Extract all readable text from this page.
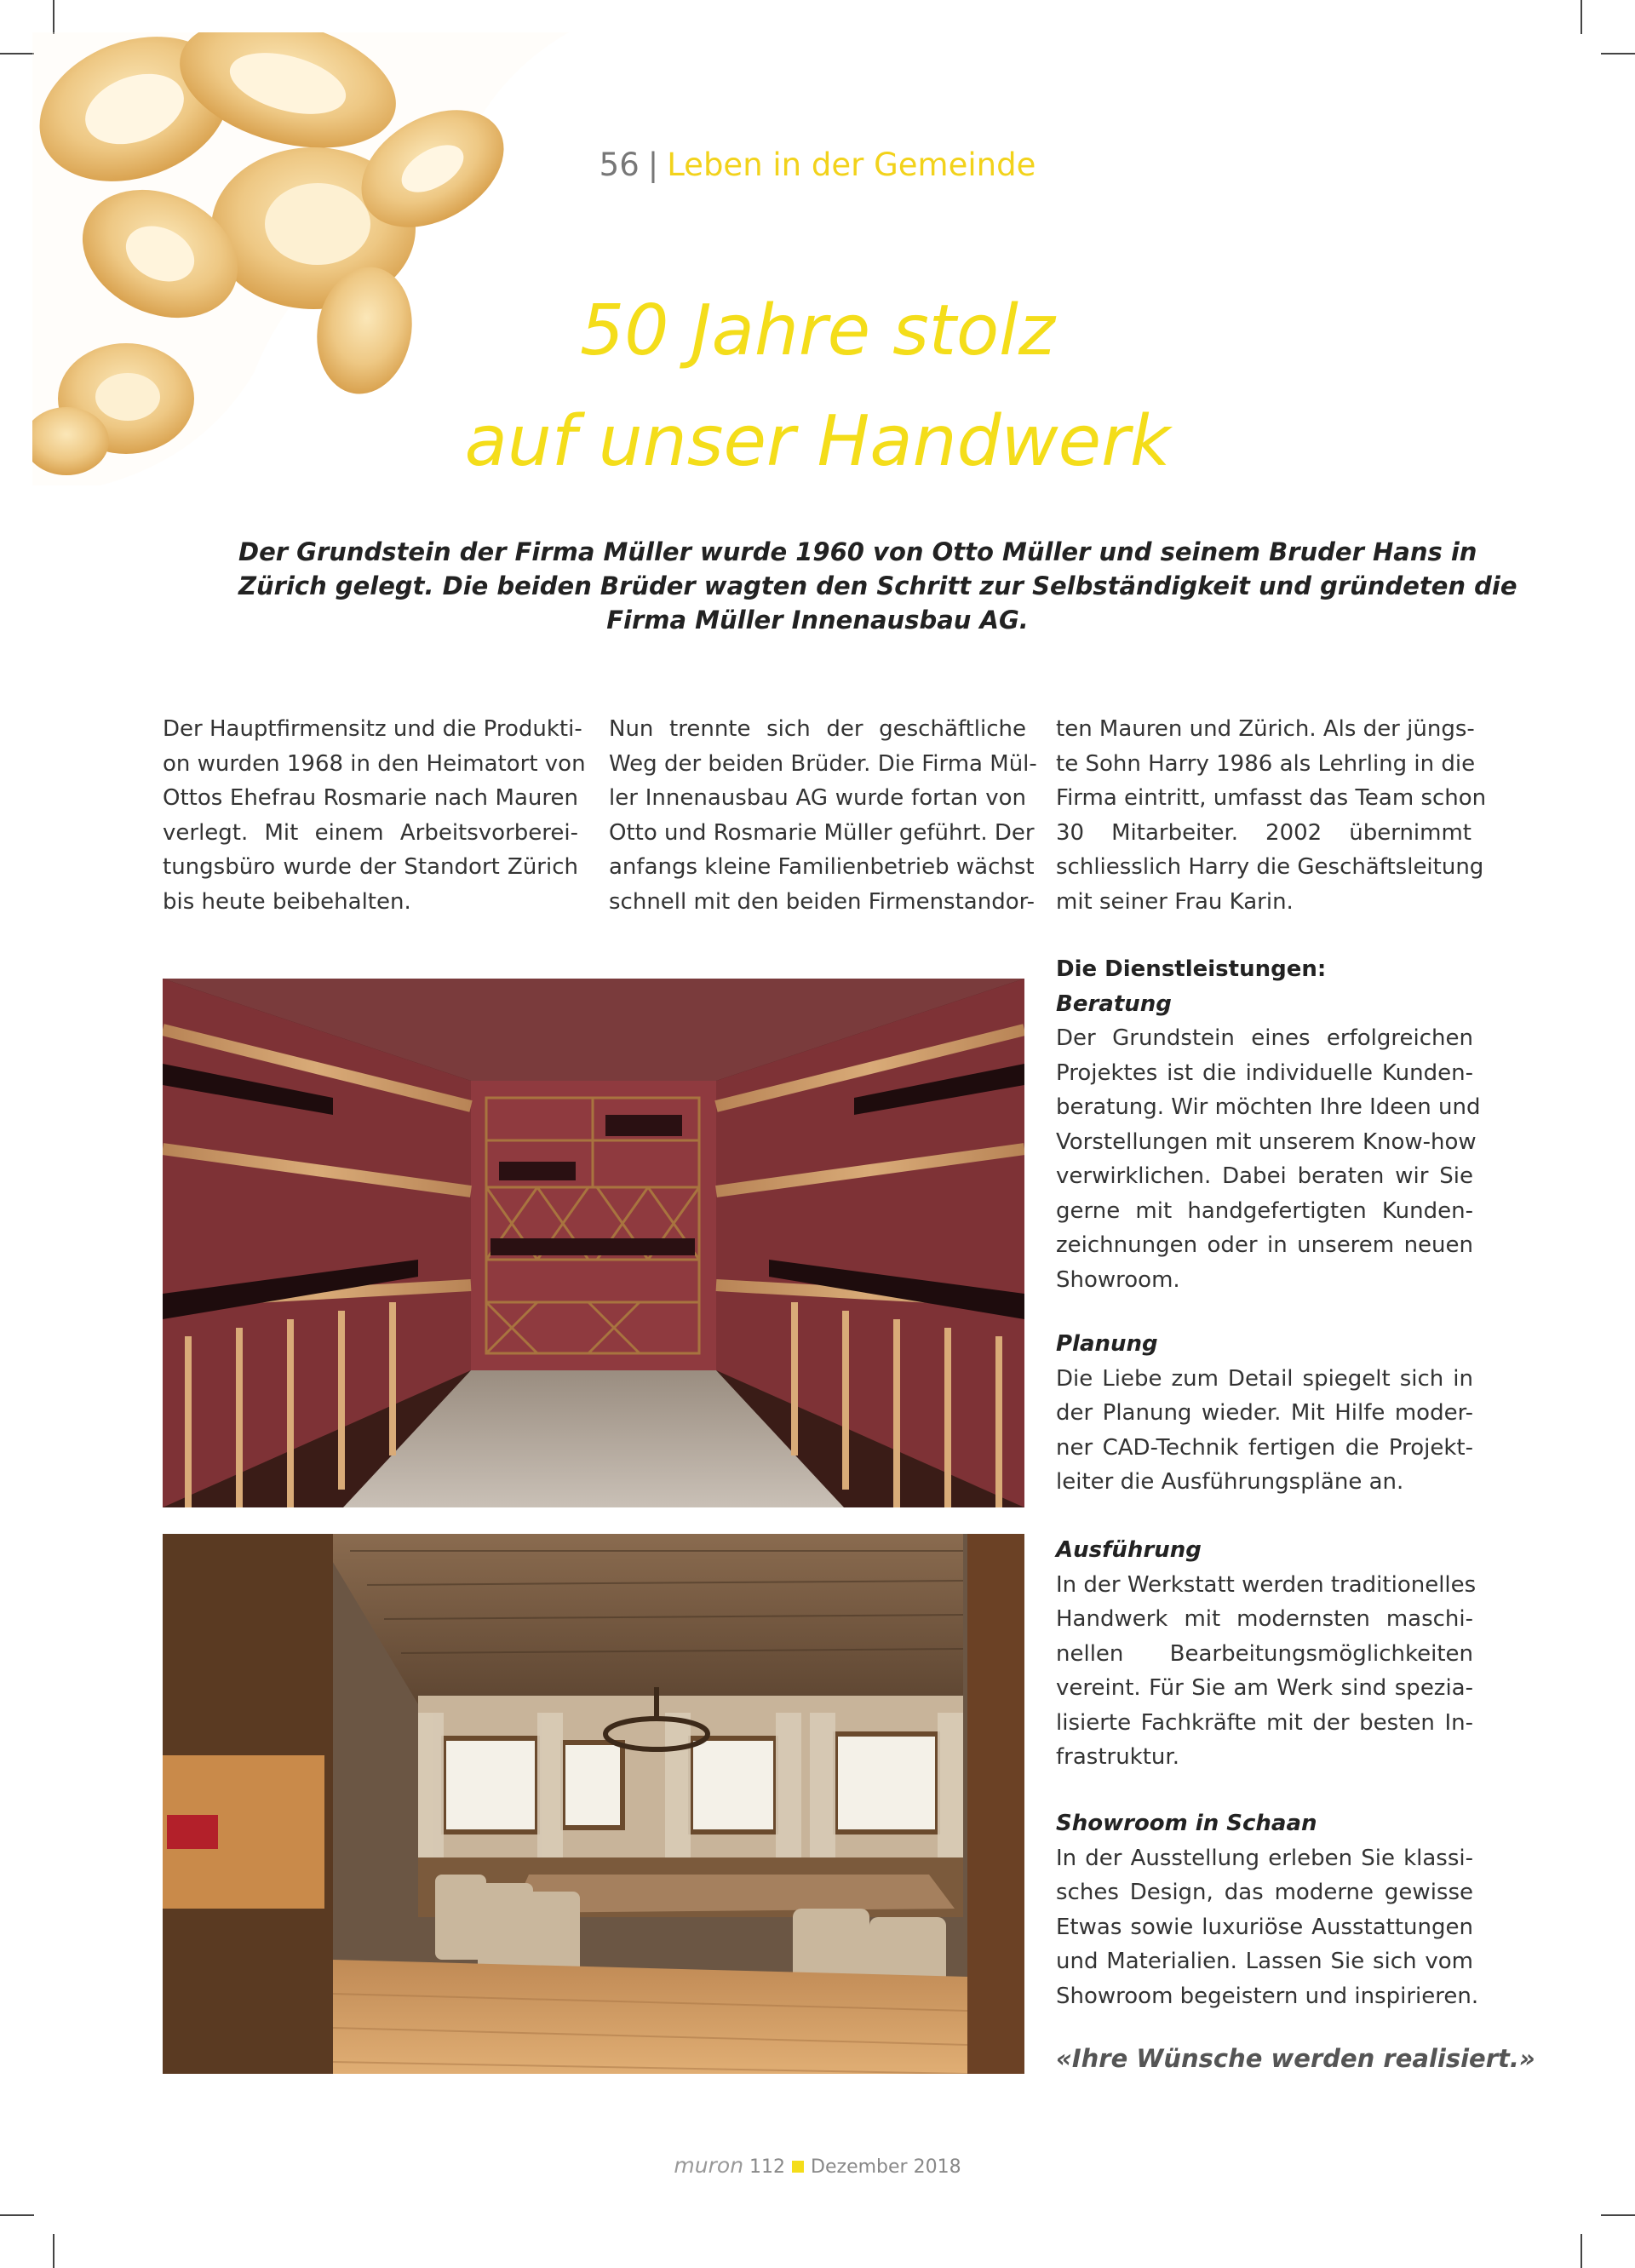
56 | Leben in der Gemeinde
50 Jahre stolz
auf unser Handwerk
Der Grundstein der Firma Müller wurde 1960 von Otto Müller und seinem Bruder Hans in
Zürich gelegt. Die beiden Brüder wagten den Schritt zur Selbständigkeit und gründeten die
Firma Müller Innenausbau AG.
Der Hauptfirmensitz und die Produkti-
on wurden 1968 in den Heimatort von
Ottos Ehefrau Rosmarie nach Mauren
verlegt. Mit einem Arbeitsvorberei-
tungsbüro wurde der Standort Zürich
bis heute beibehalten.
Nun trennte sich der geschäftliche
Weg der beiden Brüder. Die Firma Mül-
ler Innenausbau AG wurde fortan von
Otto und Rosmarie Müller geführt. Der
anfangs kleine Familienbetrieb wächst
schnell mit den beiden Firmenstandor-
ten Mauren und Zürich. Als der jüngs-
te Sohn Harry 1986 als Lehrling in die
Firma eintritt, umfasst das Team schon
30 Mitarbeiter. 2002 übernimmt
schliesslich Harry die Geschäftsleitung
mit seiner Frau Karin.
Die Dienstleistungen:
Beratung
Der Grundstein eines erfolgreichen
Projektes ist die individuelle Kunden-
beratung. Wir möchten Ihre Ideen und
Vorstellungen mit unserem Know-how
verwirklichen. Dabei beraten wir Sie
gerne mit handgefertigten Kunden-
zeichnungen oder in unserem neuen
Showroom.
Planung
Die Liebe zum Detail spiegelt sich in
der Planung wieder. Mit Hilfe moder-
ner CAD-Technik fertigen die Projekt-
leiter die Ausführungspläne an.
Ausführung
In der Werkstatt werden traditionelles
Handwerk mit modernsten maschi-
nellen Bearbeitungsmöglichkeiten
vereint. Für Sie am Werk sind spezia-
lisierte Fachkräfte mit der besten In-
frastruktur.
Showroom in Schaan
In der Ausstellung erleben Sie klassi-
sches Design, das moderne gewisse
Etwas sowie luxuriöse Ausstattungen
und Materialien. Lassen Sie sich vom
Showroom begeistern und inspirieren.
«Ihre Wünsche werden realisiert.»
muron 112 Dezember 2018
